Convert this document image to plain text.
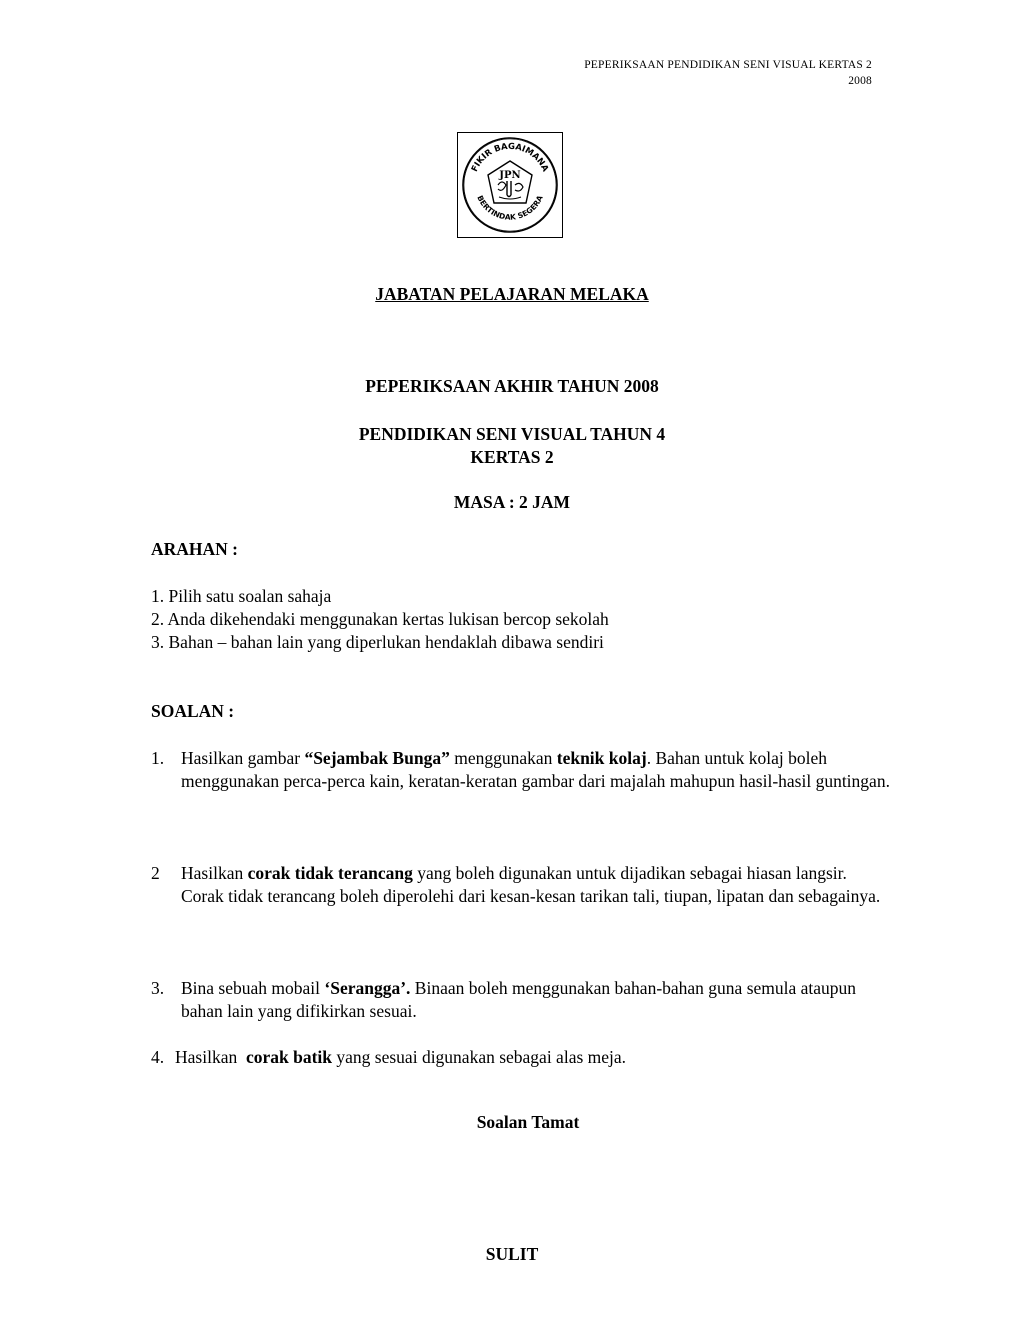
PEPERIKSAAN PENDIDIKAN SENI VISUAL KERTAS 2
2008
FIKIR BAGAIMANA
BERTINDAK SEGERA
JPN
JABATAN PELAJARAN MELAKA
PEPERIKSAAN AKHIR TAHUN 2008
PENDIDIKAN SENI VISUAL TAHUN 4
KERTAS 2
MASA : 2 JAM
ARAHAN :
1. Pilih satu soalan sahaja
2. Anda dikehendaki menggunakan kertas lukisan bercop sekolah
3. Bahan – bahan lain yang diperlukan hendaklah dibawa sendiri
SOALAN :
1. Hasilkan gambar “Sejambak Bunga” menggunakan teknik kolaj. Bahan untuk kolaj boleh menggunakan perca-perca kain, keratan-keratan gambar dari majalah mahupun hasil-hasil guntingan.
2 Hasilkan corak tidak terancang yang boleh digunakan untuk dijadikan sebagai hiasan langsir. Corak tidak terancang boleh diperolehi dari kesan-kesan tarikan tali, tiupan, lipatan dan sebagainya.
3. Bina sebuah mobail ‘Serangga’. Binaan boleh menggunakan bahan-bahan guna semula ataupun bahan lain yang difikirkan sesuai.
4. Hasilkan  corak batik yang sesuai digunakan sebagai alas meja.
Soalan Tamat
SULIT
